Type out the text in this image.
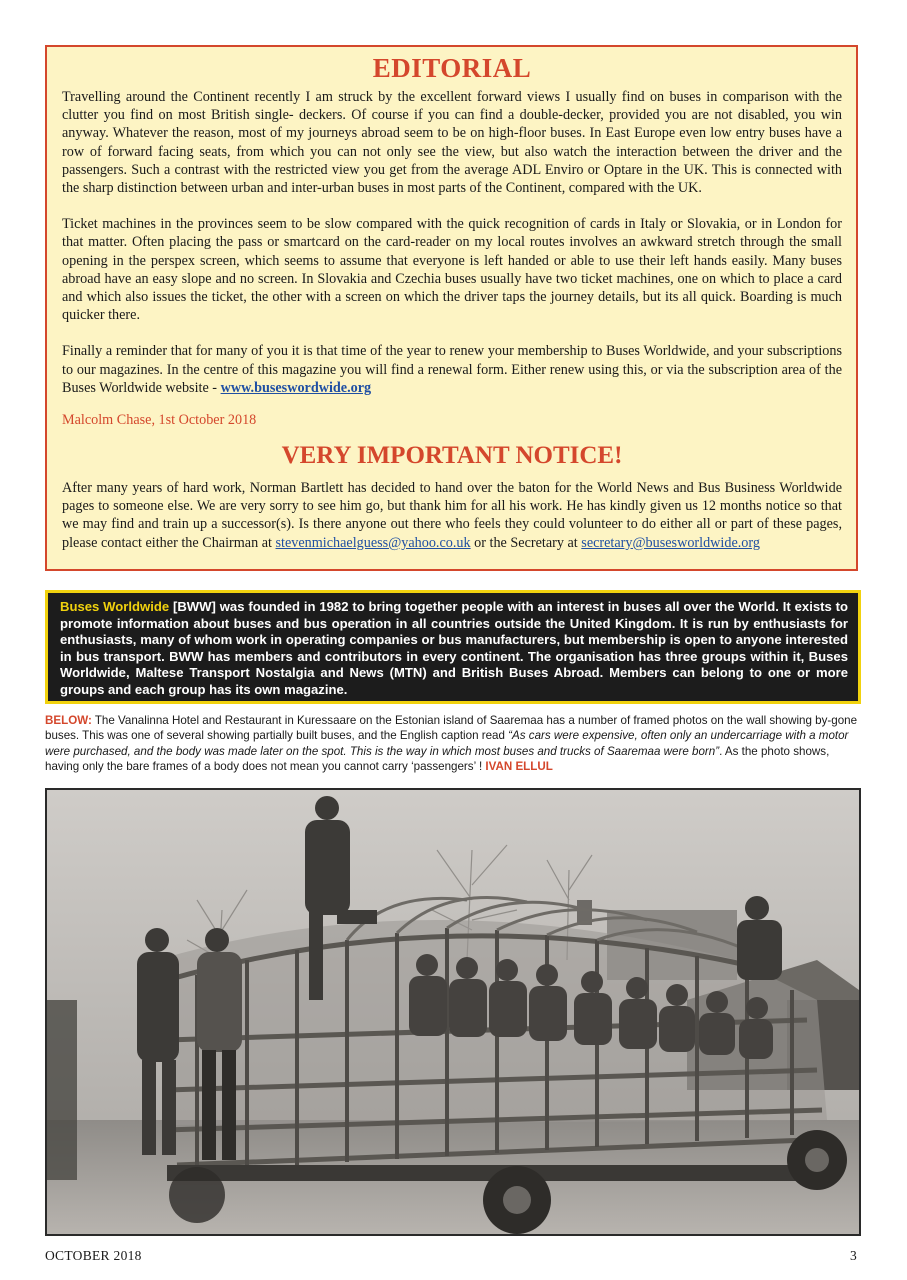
EDITORIAL

Travelling around the Continent recently I am struck by the excellent forward views I usually find on buses in comparison with the clutter you find on most British single- deckers. Of course if you can find a double-decker, provided you are not disabled, you win anyway. Whatever the reason, most of my journeys abroad seem to be on high-floor buses. In East Europe even low entry buses have a row of forward facing seats, from which you can not only see the view, but also watch the interaction between the driver and the passengers. Such a contrast with the restricted view you get from the average ADL Enviro or Optare in the UK. This is connected with the sharp distinction between urban and inter-urban buses in most parts of the Continent, compared with the UK.

Ticket machines in the provinces seem to be slow compared with the quick recognition of cards in Italy or Slovakia, or in London for that matter. Often placing the pass or smartcard on the card-reader on my local routes involves an awkward stretch through the small opening in the perspex screen, which seems to assume that everyone is left handed or able to use their left hands easily. Many buses abroad have an easy slope and no screen. In Slovakia and Czechia buses usually have two ticket machines, one on which to place a card and which also issues the ticket, the other with a screen on which the driver taps the journey details, but its all quick. Boarding is much quicker there.

Finally a reminder that for many of you it is that time of the year to renew your membership to Buses Worldwide, and your subscriptions to our magazines. In the centre of this magazine you will find a renewal form. Either renew using this, or via the subscription area of the Buses Worldwide website - www.buseswordwide.org

Malcolm Chase, 1st October 2018

VERY IMPORTANT NOTICE!

After many years of hard work, Norman Bartlett has decided to hand over the baton for the World News and Bus Business Worldwide pages to someone else. We are very sorry to see him go, but thank him for all his work. He has kindly given us 12 months notice so that we may find and train up a successor(s). Is there anyone out there who feels they could volunteer to do either all or part of these pages, please contact either the Chairman at stevenmichaelguess@yahoo.co.uk or the Secretary at secretary@busesworldwide.org

Buses Worldwide [BWW] was founded in 1982 to bring together people with an interest in buses all over the World. It exists to promote information about buses and bus operation in all countries outside the United Kingdom. It is run by enthusiasts for enthusiasts, many of whom work in operating companies or bus manufacturers, but membership is open to anyone interested in bus transport. BWW has members and contributors in every continent. The organisation has three groups within it, Buses Worldwide, Maltese Transport Nostalgia and News (MTN) and British Buses Abroad. Members can belong to one or more groups and each group has its own magazine.
BELOW: The Vanalinna Hotel and Restaurant in Kuressaare on the Estonian island of Saaremaa has a number of framed photos on the wall showing by-gone buses. This was one of several showing partially built buses, and the English caption read “As cars were expensive, often only an undercarriage with a motor were purchased, and the body was made later on the spot. This is the way in which most buses and trucks of Saaremaa were born”. As the photo shows, having only the bare frames of a body does not mean you cannot carry ‘passengers’ ! IVAN ELLUL
OCTOBER 2018	3
